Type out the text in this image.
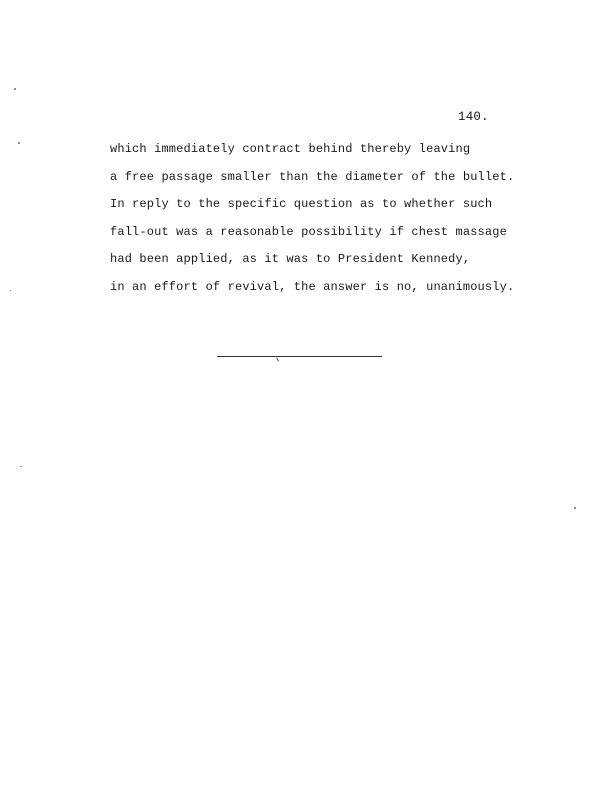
140.
which immediately contract behind thereby leaving
a free passage smaller than the diameter of the bullet.
In reply to the specific question as to whether such
fall-out was a reasonable possibility if chest massage
had been applied, as it was to President Kennedy,
in an effort of revival, the answer is no, unanimously.
